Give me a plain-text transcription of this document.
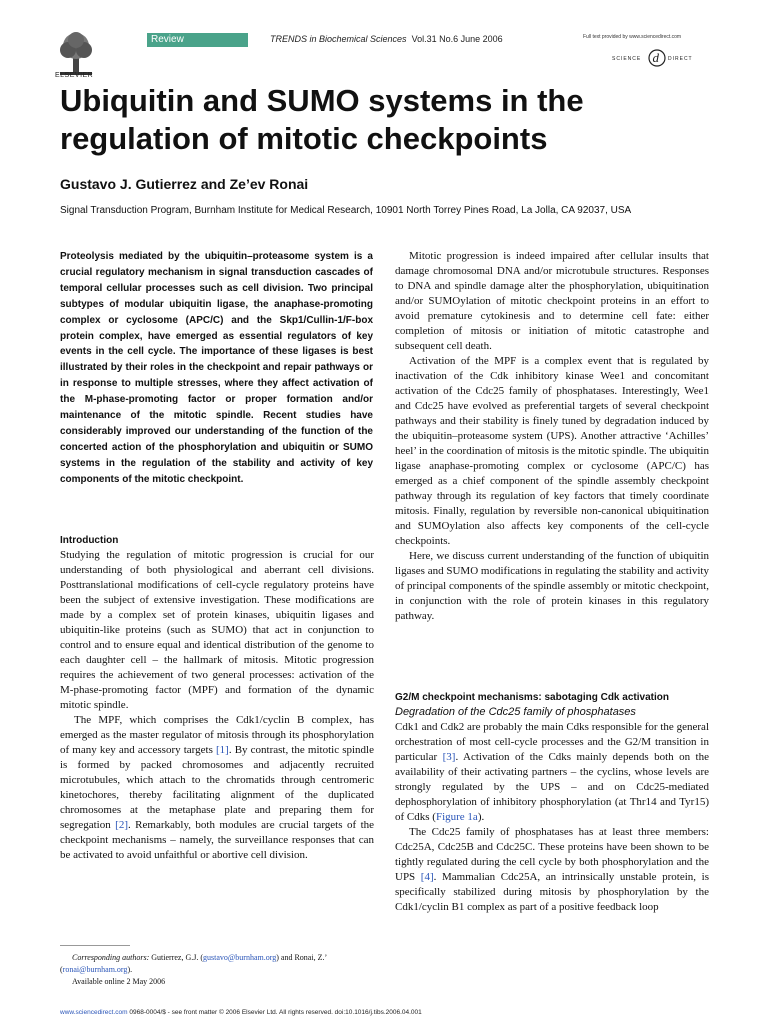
ELSEVIER
Review	TRENDS in Biochemical Sciences Vol.31 No.6 June 2006	Full text provided by www.sciencedirect.com
SCIENCE d DIRECT
Ubiquitin and SUMO systems in the
regulation of mitotic checkpoints
Gustavo J. Gutierrez and Ze’ev Ronai
Signal Transduction Program, Burnham Institute for Medical Research, 10901 North Torrey Pines Road, La Jolla, CA 92037, USA
Proteolysis mediated by the ubiquitin–proteasome system is a crucial regulatory mechanism in signal transduction cascades of temporal cellular processes such as cell division. Two principal subtypes of modular ubiquitin ligase, the anaphase-promoting complex or cyclosome (APC/C) and the Skp1/Cullin-1/F-box protein complex, have emerged as essential regulators of key events in the cell cycle. The importance of these ligases is best illustrated by their roles in the checkpoint and repair pathways or in response to multiple stresses, where they affect activation of the M-phase-promoting factor or proper formation and/or maintenance of the mitotic spindle. Recent studies have considerably improved our understanding of the function of the concerted action of the phosphorylation and ubiquitin or SUMO systems in the regulation of the stability and activity of key components of the mitotic checkpoint.

Introduction

Studying the regulation of mitotic progression is crucial for our understanding of both physiological and aberrant cell divisions. Posttranslational modifications of cell-cycle regulatory proteins have been the subject of extensive investigation. These modifications are made by a complex set of protein kinases, ubiquitin ligases and ubiquitin-like proteins (such as SUMO) that act in conjunction to control and to ensure equal and identical distribution of the genome to each daughter cell – the hallmark of mitosis. Mitotic progression requires the achievement of two general processes: activation of the M-phase-promoting factor (MPF) and formation of the dynamic mitotic spindle.

The MPF, which comprises the Cdk1/cyclin B complex, has emerged as the master regulator of mitosis through its phosphorylation of many key and accessory targets [1]. By contrast, the mitotic spindle is formed by packed chromosomes and adjacently recruited microtubules, which attach to the chromatids through centromeric kinetochores, thereby facilitating alignment of the duplicated chromosomes at the metaphase plate and preparing them for segregation [2]. Remarkably, both modules are crucial targets of the checkpoint mechanisms – namely, the surveillance responses that can be activated to avoid unfaithful or abortive cell division.

Mitotic progression is indeed impaired after cellular insults that damage chromosomal DNA and/or microtubule structures. Responses to DNA and spindle damage alter the phosphorylation, ubiquitination and/or SUMOylation of mitotic checkpoint proteins in an effort to avoid premature cytokinesis and to determine cell fate: either completion of mitosis or initiation of mitotic catastrophe and subsequent cell death.

Activation of the MPF is a complex event that is regulated by inactivation of the Cdk inhibitory kinase Wee1 and concomitant activation of the Cdc25 family of phosphatases. Interestingly, Wee1 and Cdc25 have evolved as preferential targets of several checkpoint pathways and their stability is finely tuned by degradation induced by the ubiquitin–proteasome system (UPS). Another attractive ‘Achilles’ heel’ in the coordination of mitosis is the mitotic spindle. The ubiquitin ligase anaphase-promoting complex or cyclosome (APC/C) has emerged as a chief component of the spindle assembly checkpoint pathway through its regulation of key factors that timely coordinate mitosis. Finally, regulation by reversible non-canonical ubiquitination and SUMOylation also affects key components of the cell-cycle checkpoints.

Here, we discuss current understanding of the function of ubiquitin ligases and SUMO modifications in regulating the stability and activity of principal components of the spindle assembly or mitotic checkpoint, in conjunction with the role of protein kinases in this regulatory pathway.

G2/M checkpoint mechanisms: sabotaging Cdk activation

Degradation of the Cdc25 family of phosphatases

Cdk1 and Cdk2 are probably the main Cdks responsible for the general orchestration of most cell-cycle processes and the G2/M transition in particular [3]. Activation of the Cdks mainly depends both on the availability of their activating partners – the cyclins, whose levels are strongly regulated by the UPS – and on Cdc25-mediated dephosphorylation of inhibitory phosphorylation (at Thr14 and Tyr15) of Cdks (Figure 1a).

The Cdc25 family of phosphatases has at least three members: Cdc25A, Cdc25B and Cdc25C. These proteins have been shown to be tightly regulated during the cell cycle by both phosphorylation and the UPS [4]. Mammalian Cdc25A, an intrinsically unstable protein, is specifically stabilized during mitosis by phosphorylation by the Cdk1/cyclin B1 complex as part of a positive feedback loop

Corresponding authors: Gutierrez, G.J. (gustavo@burnham.org) and Ronai, Z.’ (ronai@burnham.org).

Available online 2 May 2006

www.sciencedirect.com 0968-0004/$ - see front matter © 2006 Elsevier Ltd. All rights reserved. doi:10.1016/j.tibs.2006.04.001
